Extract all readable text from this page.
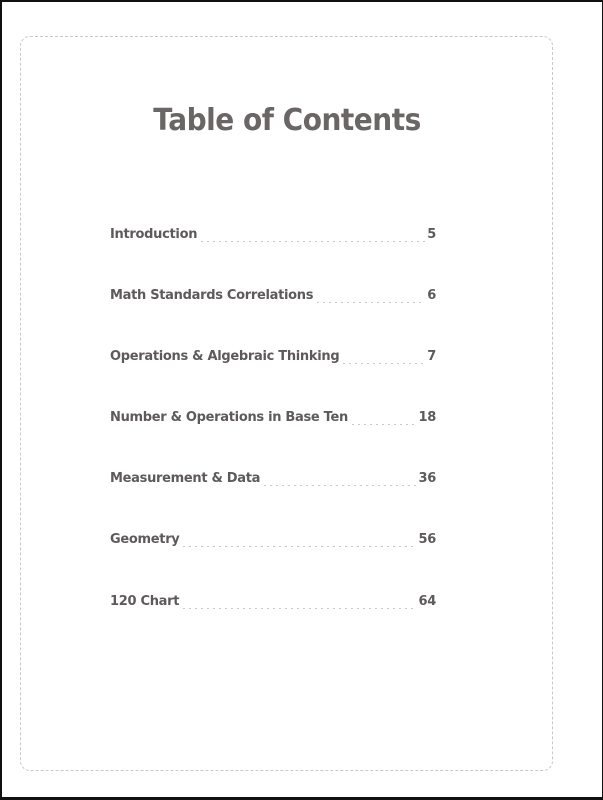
Table of Contents
Introduction	5
Math Standards Correlations	6
Operations & Algebraic Thinking	7
Number & Operations in Base Ten	18
Measurement & Data	36
Geometry	56
120 Chart	64
